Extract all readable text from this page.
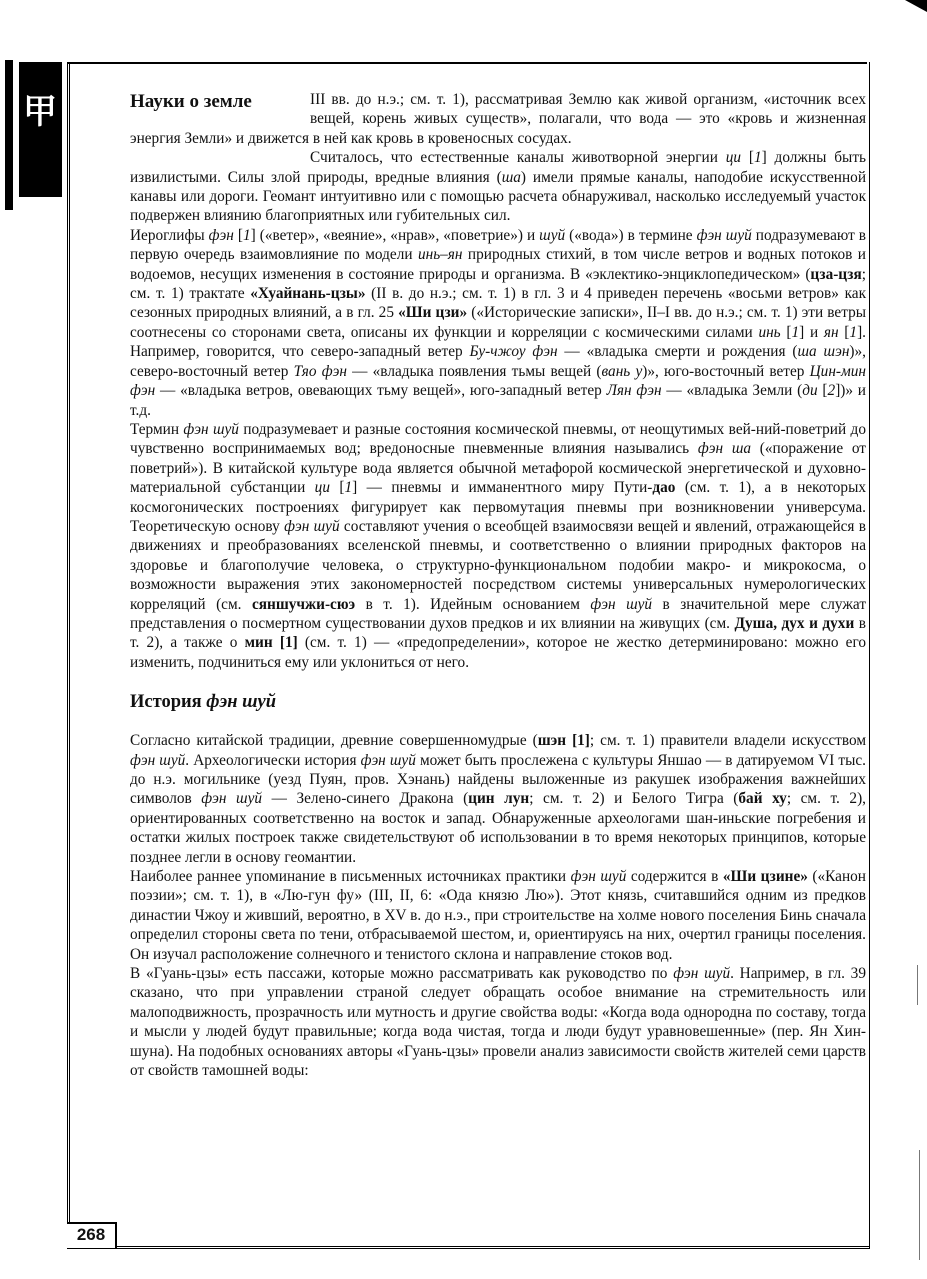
甲
268
Науки о земле	III вв. до н.э.; см. т. 1), рассматривая Землю как живой организм, «источник всех вещей, корень живых существ», полагали, что вода — это «кровь и жизненная энергия Земли» и движется в ней как кровь в кровеносных сосудах.

Считалось, что естественные каналы животворной энергии ци [1] должны быть извилистыми. Силы злой природы, вредные влияния (ша) имели прямые каналы, наподобие искусственной канавы или дороги. Геомант интуитивно или с помощью расчета обнаруживал, насколько исследуемый участок подвержен влиянию благоприятных или губительных сил.

Иероглифы фэн [1] («ветер», «веяние», «нрав», «поветрие») и шуй («вода») в термине фэн шуй подразумевают в первую очередь взаимовлияние по модели инь–ян природных стихий, в том числе ветров и водных потоков и водоемов, несущих изменения в состояние природы и организма. В «эклектико-энциклопедическом» (цза-цзя; см. т. 1) трактате «Хуайнань-цзы» (II в. до н.э.; см. т. 1) в гл. 3 и 4 приведен перечень «восьми ветров» как сезонных природных влияний, а в гл. 25 «Ши цзи» («Исторические записки», II–I вв. до н.э.; см. т. 1) эти ветры соотнесены со сторонами света, описаны их функции и корреляции с космическими силами инь [1] и ян [1]. Например, говорится, что северо-западный ветер Бу-чжоу фэн — «владыка смерти и рождения (ша шэн)», северо-восточный ветер Тяо фэн — «владыка появления тьмы вещей (вань у)», юго-восточный ветер Цин-мин фэн — «владыка ветров, овевающих тьму вещей», юго-западный ветер Лян фэн — «владыка Земли (ди [2])» и т.д.

Термин фэн шуй подразумевает и разные состояния космической пневмы, от неощутимых вей-ний-поветрий до чувственно воспринимаемых вод; вредоносные пневменные влияния назывались фэн ша («поражение от поветрий»). В китайской культуре вода является обычной метафорой космической энергетической и духовно-материальной субстанции ци [1] — пневмы и имманентного миру Пути-дао (см. т. 1), а в некоторых космогонических построениях фигурирует как первомутация пневмы при возникновении универсума. Теоретическую основу фэн шуй составляют учения о всеобщей взаимосвязи вещей и явлений, отражающейся в движениях и преобразованиях вселенской пневмы, и соответственно о влиянии природных факторов на здоровье и благополучие человека, о структурно-функциональном подобии макро- и микрокосма, о возможности выражения этих закономерностей посредством системы универсальных нумерологических корреляций (см. сяншучжи-сюэ в т. 1). Идейным основанием фэн шуй в значительной мере служат представления о посмертном существовании духов предков и их влиянии на живущих (см. Душа, дух и духи в т. 2), а также о мин [1] (см. т. 1) — «предопределении», которое не жестко детерминировано: можно его изменить, подчиниться ему или уклониться от него.

История фэн шуй

Согласно китайской традиции, древние совершенномудрые (шэн [1]; см. т. 1) правители владели искусством фэн шуй. Археологически история фэн шуй может быть прослежена с культуры Яншао — в датируемом VI тыс. до н.э. могильнике (уезд Пуян, пров. Хэнань) найдены выложенные из ракушек изображения важнейших символов фэн шуй — Зелено-синего Дракона (цин лун; см. т. 2) и Белого Тигра (бай ху; см. т. 2), ориентированных соответственно на восток и запад. Обнаруженные археологами шан-иньские погребения и остатки жилых построек также свидетельствуют об использовании в то время некоторых принципов, которые позднее легли в основу геомантии.

Наиболее раннее упоминание в письменных источниках практики фэн шуй содержится в «Ши цзине» («Канон поэзии»; см. т. 1), в «Лю-гун фу» (III, II, 6: «Ода князю Лю»). Этот князь, считавшийся одним из предков династии Чжоу и живший, вероятно, в XV в. до н.э., при строительстве на холме нового поселения Бинь сначала определил стороны света по тени, отбрасываемой шестом, и, ориентируясь на них, очертил границы поселения. Он изучал расположение солнечного и тенистого склона и направление стоков вод.

В «Гуань-цзы» есть пассажи, которые можно рассматривать как руководство по фэн шуй. Например, в гл. 39 сказано, что при управлении страной следует обращать особое внимание на стремительность или малоподвижность, прозрачность или мутность и другие свойства воды: «Когда вода однородна по составу, тогда и мысли у людей будут правильные; когда вода чистая, тогда и люди будут уравновешенные» (пер. Ян Хин-шуна). На подобных основаниях авторы «Гуань-цзы» провели анализ зависимости свойств жителей семи царств от свойств тамошней воды:
